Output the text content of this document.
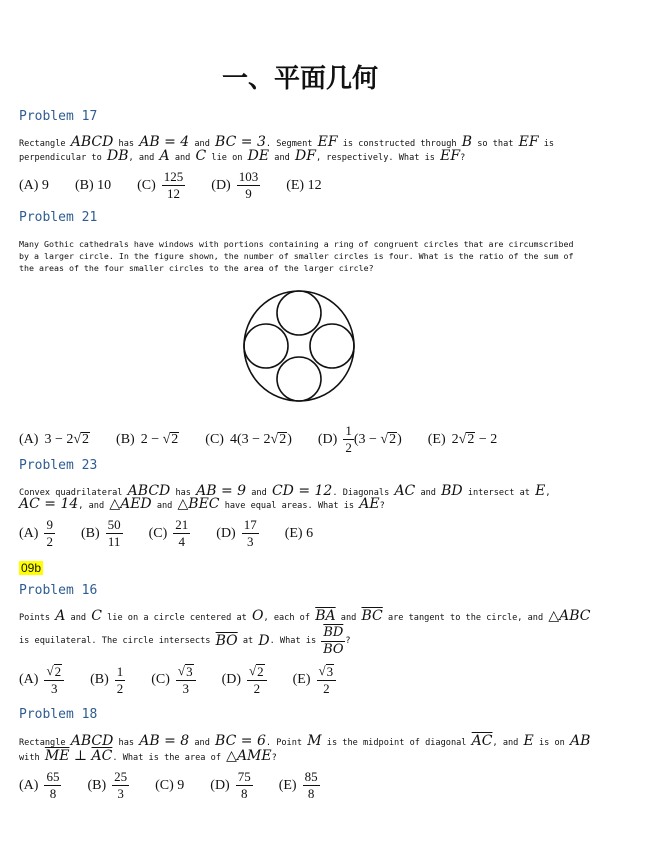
一、平面几何
Problem 17
Rectangle ABCD has AB = 4 and BC = 3. Segment EF is constructed through B so that EF is
perpendicular to DB, and A and C lie on DE and DF, respectively. What is EF?
(A) 9 (B) 10 $(C) \frac{125}{12} (D) \frac{103}{9} (E)$ 12
Problem 21
Many Gothic cathedrals have windows with portions containing a ring of congruent circles that are circumscribed by a larger circle. In the figure shown, the number of smaller circles is four. What is the ratio of the sum of the areas of the four smaller circles to the area of the larger circle?
(A) 3 − 2 √ 2 (B) 2 − √ 2 (C) 4(3 − 2 √ 2 ) $(D) \frac{1}{2} (3$ − √ 2 ) (E) 2 √ 2 − 2
Problem 23
Convex quadrilateral ABCD has AB = 9 and CD = 12. Diagonals AC and BD intersect at E,
AC = 14, and △AED and △BEC have equal areas. What is AE?
$(A) \frac{9}{2} (B) \frac{50}{11} (C) \frac{21}{4} (D) \frac{17}{3} (E)$ 6
09b
Problem 16
Points A and C lie on a circle centered at O, each of $\overline{BA}$ and $\overline{BC}$ are tangent to the circle, and △ABC
is equilateral. The circle intersects $\overline{BO}$ at D . What is $\frac{\overline{BD}}{BO}$ ?
$(A) \frac{√ 2}{3} (B) \frac{1}{2} (C) \frac{√ 3}{3} (D) \frac{√ 2}{2} (E) \frac{√ 3}{2}$
Problem 18
Rectangle ABCD has AB = 8 and BC = 6. Point M is the midpoint of diagonal $\overline{AC}$, and E is on AB
with $\overline{ME}$ ⊥ $\overline{AC}$. What is the area of △AME?
$(A) \frac{65}{8} (B) \frac{25}{3} (C)$ 9 $(D) \frac{75}{8} (E) \frac{85}{8}$
